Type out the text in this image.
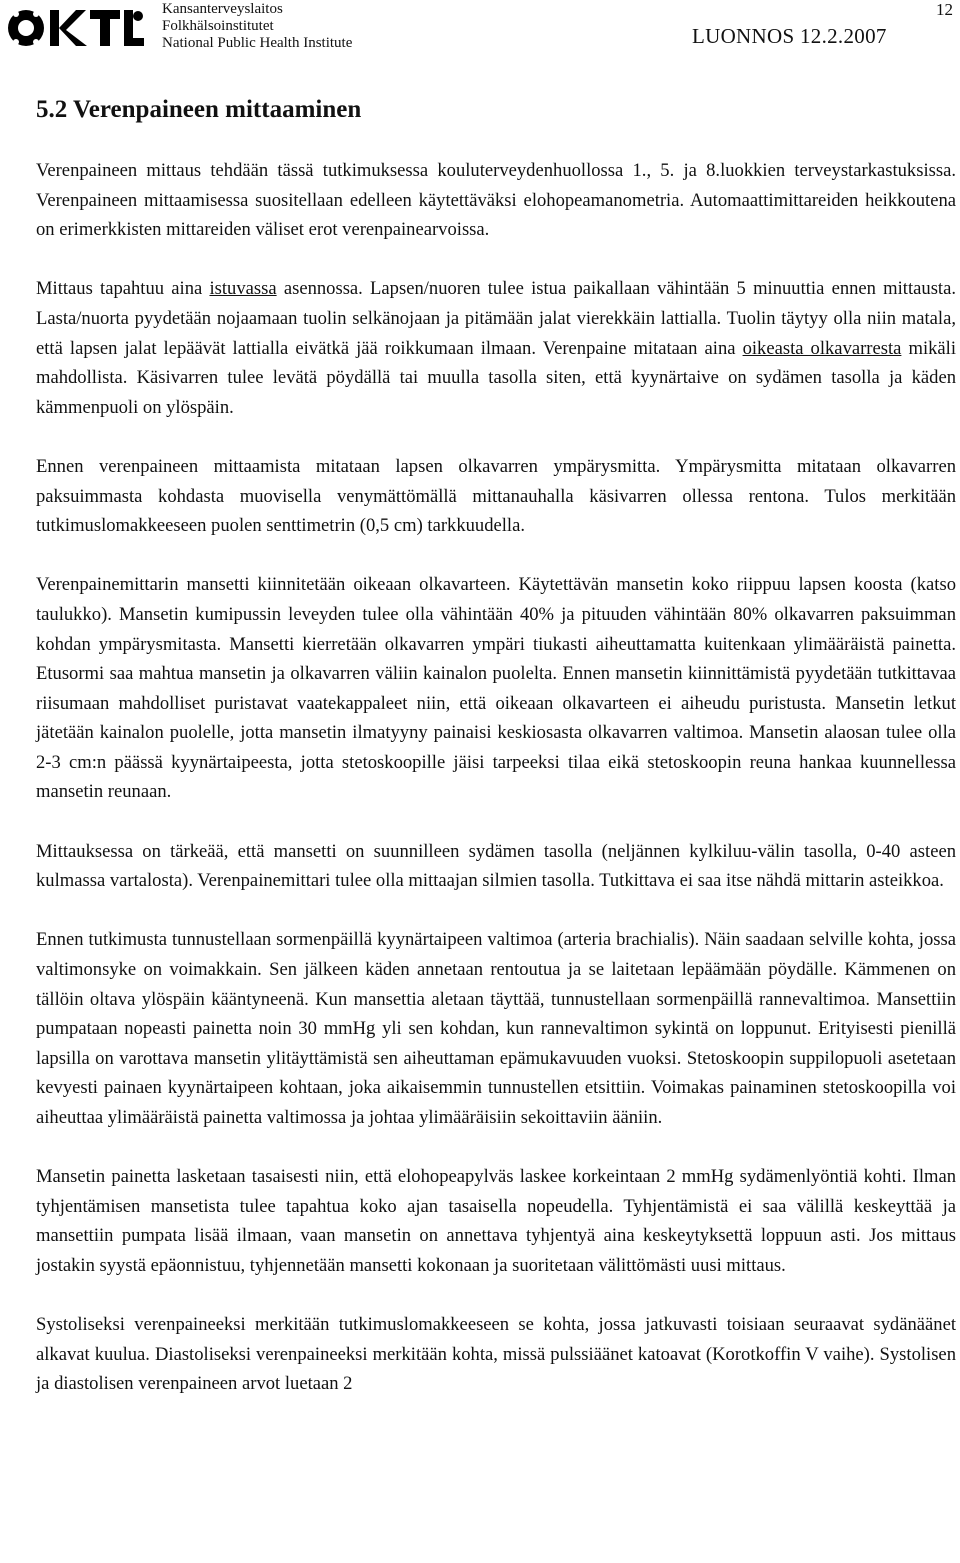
Kansanterveyslaitos
Folkhälsoinstitutet
National Public Health Institute	LUONNOS 12.2.2007
12
5.2 Verenpaineen mittaaminen

Verenpaineen mittaus tehdään tässä tutkimuksessa kouluterveydenhuollossa 1., 5. ja 8.luokkien terveystarkastuksissa. Verenpaineen mittaamisessa suositellaan edelleen käytettäväksi elohopeamanometria. Automaattimittareiden heikkoutena on erimerkkisten mittareiden väliset erot verenpainearvoissa.

Mittaus tapahtuu aina istuvassa asennossa. Lapsen/nuoren tulee istua paikallaan vähintään 5 minuuttia ennen mittausta. Lasta/nuorta pyydetään nojaamaan tuolin selkänojaan ja pitämään jalat vierekkäin lattialla. Tuolin täytyy olla niin matala, että lapsen jalat lepäävät lattialla eivätkä jää roikkumaan ilmaan. Verenpaine mitataan aina oikeasta olkavarresta mikäli mahdollista. Käsivarren tulee levätä pöydällä tai muulla tasolla siten, että kyynärtaive on sydämen tasolla ja käden kämmenpuoli on ylöspäin.

Ennen verenpaineen mittaamista mitataan lapsen olkavarren ympärysmitta. Ympärysmitta mitataan olkavarren paksuimmasta kohdasta muovisella venymättömällä mittanauhalla käsivarren ollessa rentona. Tulos merkitään tutkimuslomakkeeseen puolen senttimetrin (0,5 cm) tarkkuudella.

Verenpainemittarin mansetti kiinnitetään oikeaan olkavarteen. Käytettävän mansetin koko riippuu lapsen koosta (katso taulukko). Mansetin kumipussin leveyden tulee olla vähintään 40% ja pituuden vähintään 80% olkavarren paksuimman kohdan ympärysmitasta. Mansetti kierretään olkavarren ympäri tiukasti aiheuttamatta kuitenkaan ylimääräistä painetta. Etusormi saa mahtua mansetin ja olkavarren väliin kainalon puolelta. Ennen mansetin kiinnittämistä pyydetään tutkittavaa riisumaan mahdolliset puristavat vaatekappaleet niin, että oikeaan olkavarteen ei aiheudu puristusta. Mansetin letkut jätetään kainalon puolelle, jotta mansetin ilmatyyny painaisi keskiosasta olkavarren valtimoa. Mansetin alaosan tulee olla 2-3 cm:n päässä kyynärtaipeesta, jotta stetoskoopille jäisi tarpeeksi tilaa eikä stetoskoopin reuna hankaa kuunnellessa mansetin reunaan.

Mittauksessa on tärkeää, että mansetti on suunnilleen sydämen tasolla (neljännen kylkiluu-välin tasolla, 0-40 asteen kulmassa vartalosta). Verenpainemittari tulee olla mittaajan silmien tasolla. Tutkittava ei saa itse nähdä mittarin asteikkoa.

Ennen tutkimusta tunnustellaan sormenpäillä kyynärtaipeen valtimoa (arteria brachialis). Näin saadaan selville kohta, jossa valtimonsyke on voimakkain. Sen jälkeen käden annetaan rentoutua ja se laitetaan lepäämään pöydälle. Kämmenen on tällöin oltava ylöspäin kääntyneenä. Kun mansettia aletaan täyttää, tunnustellaan sormenpäillä rannevaltimoa. Mansettiin pumpataan nopeasti painetta noin 30 mmHg yli sen kohdan, kun rannevaltimon sykintä on loppunut. Erityisesti pienillä lapsilla on varottava mansetin ylitäyttämistä sen aiheuttaman epämukavuuden vuoksi. Stetoskoopin suppilopuoli asetetaan kevyesti painaen kyynärtaipeen kohtaan, joka aikaisemmin tunnustellen etsittiin. Voimakas painaminen stetoskoopilla voi aiheuttaa ylimääräistä painetta valtimossa ja johtaa ylimääräisiin sekoittaviin ääniin.

Mansetin painetta lasketaan tasaisesti niin, että elohopeapylväs laskee korkeintaan 2 mmHg sydämenlyöntiä kohti. Ilman tyhjentämisen mansetista tulee tapahtua koko ajan tasaisella nopeudella. Tyhjentämistä ei saa välillä keskeyttää ja mansettiin pumpata lisää ilmaan, vaan mansetin on annettava tyhjentyä aina keskeytyksettä loppuun asti. Jos mittaus jostakin syystä epäonnistuu, tyhjennetään mansetti kokonaan ja suoritetaan välittömästi uusi mittaus.

Systoliseksi verenpaineeksi merkitään tutkimuslomakkeeseen se kohta, jossa jatkuvasti toisiaan seuraavat sydänäänet alkavat kuulua. Diastoliseksi verenpaineeksi merkitään kohta, missä pulssiäänet katoavat (Korotkoffin V vaihe). Systolisen ja diastolisen verenpaineen arvot luetaan 2
